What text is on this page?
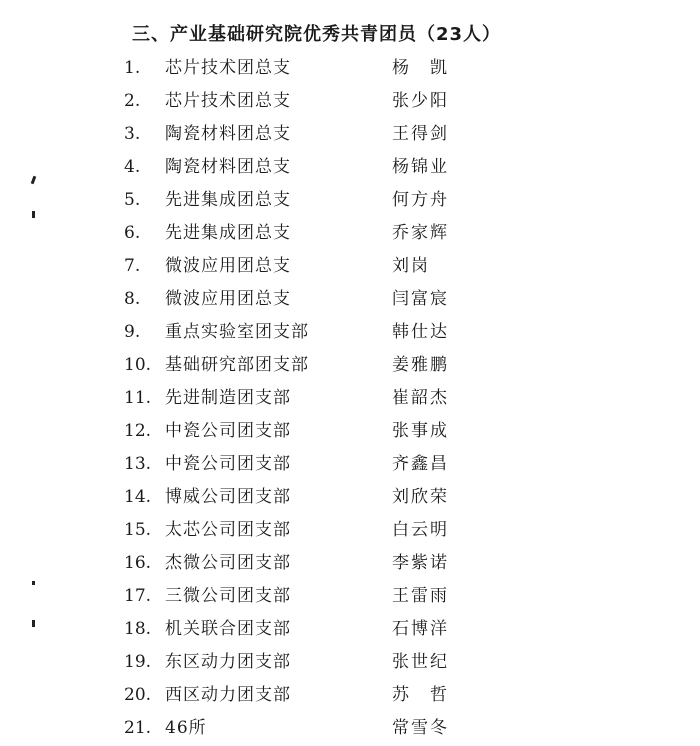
三、产业基础研究院优秀共青团员（23人）
1. 芯片技术团总支	杨　凯
2. 芯片技术团总支	张少阳
3. 陶瓷材料团总支	王得剑
4. 陶瓷材料团总支	杨锦业
5. 先进集成团总支	何方舟
6. 先进集成团总支	乔家辉
7. 微波应用团总支	刘岗
8. 微波应用团总支	闫富宸
9. 重点实验室团支部	韩仕达
10. 基础研究部团支部	姜雅鹏
11. 先进制造团支部	崔韶杰
12. 中瓷公司团支部	张事成
13. 中瓷公司团支部	齐鑫昌
14. 博威公司团支部	刘欣荣
15. 太芯公司团支部	白云明
16. 杰微公司团支部	李紫诺
17. 三微公司团支部	王雷雨
18. 机关联合团支部	石博洋
19. 东区动力团支部	张世纪
20. 西区动力团支部	苏　哲
21. 46所	常雪冬
